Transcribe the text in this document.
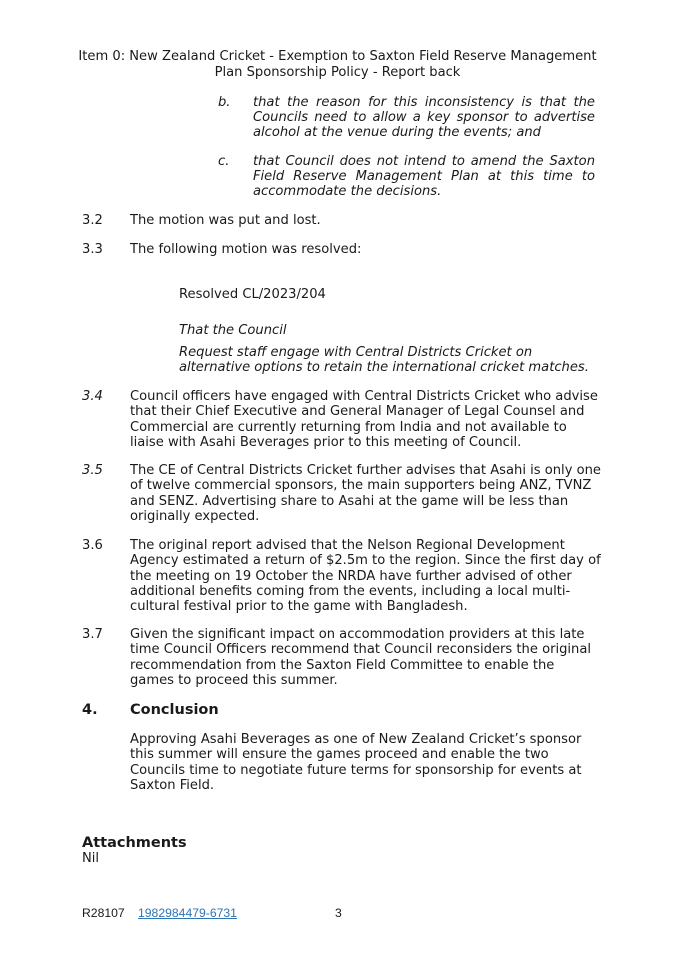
Item 0: New Zealand Cricket - Exemption to Saxton Field Reserve Management
Plan Sponsorship Policy - Report back
b. that the reason for this inconsistency is that the Councils need to allow a key sponsor to advertise alcohol at the venue during the events; and
c. that Council does not intend to amend the Saxton Field Reserve Management Plan at this time to accommodate the decisions.
3.2 The motion was put and lost.
3.3 The following motion was resolved:
Resolved CL/2023/204
That the Council
Request staff engage with Central Districts Cricket on alternative options to retain the international cricket matches.
3.4 Council officers have engaged with Central Districts Cricket who advise that their Chief Executive and General Manager of Legal Counsel and Commercial are currently returning from India and not available to liaise with Asahi Beverages prior to this meeting of Council.
3.5 The CE of Central Districts Cricket further advises that Asahi is only one of twelve commercial sponsors, the main supporters being ANZ, TVNZ and SENZ. Advertising share to Asahi at the game will be less than originally expected.
3.6 The original report advised that the Nelson Regional Development Agency estimated a return of $2.5m to the region. Since the first day of the meeting on 19 October the NRDA have further advised of other additional benefits coming from the events, including a local multi-cultural festival prior to the game with Bangladesh.
3.7 Given the significant impact on accommodation providers at this late time Council Officers recommend that Council reconsiders the original recommendation from the Saxton Field Committee to enable the games to proceed this summer.
4. Conclusion
Approving Asahi Beverages as one of New Zealand Cricket’s sponsor this summer will ensure the games proceed and enable the two Councils time to negotiate future terms for sponsorship for events at Saxton Field.
Attachments
Nil
R28107 1982984479-6731	3
